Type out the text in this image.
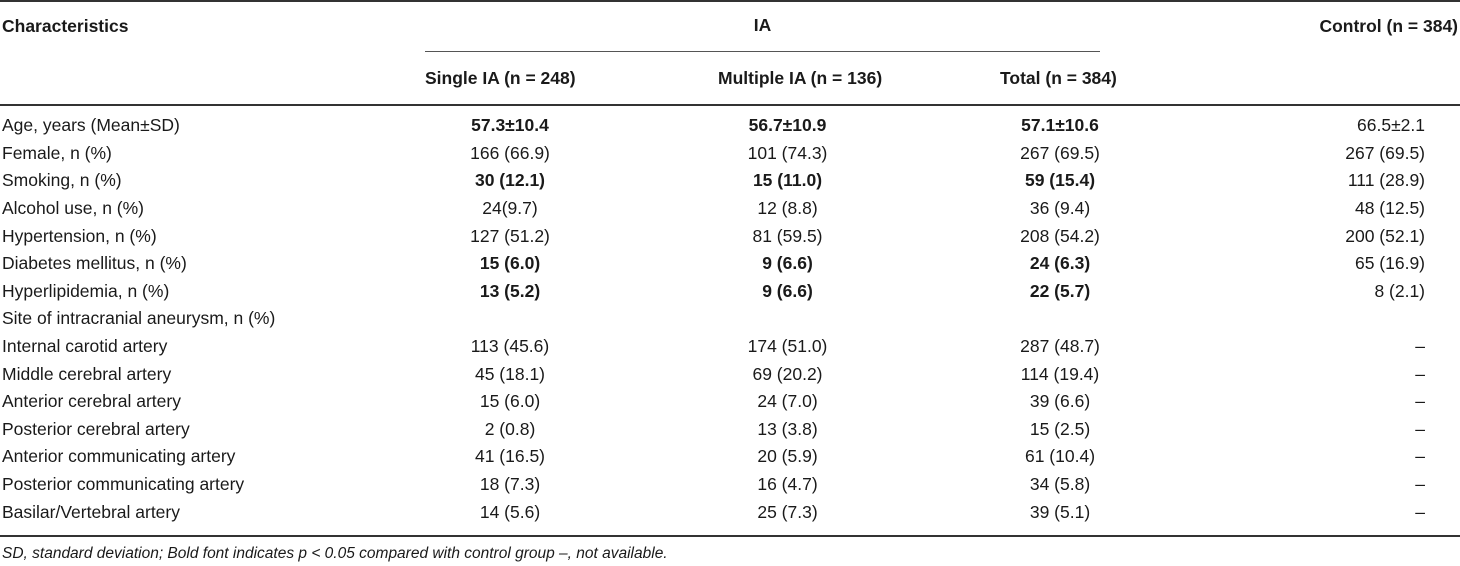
Characteristics	IA			Control (n = 384)
	Single IA (n = 248)	Multiple IA (n = 136)	Total (n = 384)	
Age, years (Mean±SD)	57.3±10.4	56.7±10.9	57.1±10.6	66.5±2.1
Female, n (%)	166 (66.9)	101 (74.3)	267 (69.5)	267 (69.5)
Smoking, n (%)	30 (12.1)	15 (11.0)	59 (15.4)	111 (28.9)
Alcohol use, n (%)	24(9.7)	12 (8.8)	36 (9.4)	48 (12.5)
Hypertension, n (%)	127 (51.2)	81 (59.5)	208 (54.2)	200 (52.1)
Diabetes mellitus, n (%)	15 (6.0)	9 (6.6)	24 (6.3)	65 (16.9)
Hyperlipidemia, n (%)	13 (5.2)	9 (6.6)	22 (5.7)	8 (2.1)
Site of intracranial aneurysm, n (%)				
Internal carotid artery	113 (45.6)	174 (51.0)	287 (48.7)	–
Middle cerebral artery	45 (18.1)	69 (20.2)	114 (19.4)	–
Anterior cerebral artery	15 (6.0)	24 (7.0)	39 (6.6)	–
Posterior cerebral artery	2 (0.8)	13 (3.8)	15 (2.5)	–
Anterior communicating artery	41 (16.5)	20 (5.9)	61 (10.4)	–
Posterior communicating artery	18 (7.3)	16 (4.7)	34 (5.8)	–
Basilar/Vertebral artery	14 (5.6)	25 (7.3)	39 (5.1)	–
SD, standard deviation; Bold font indicates p < 0.05 compared with control group –, not available.
